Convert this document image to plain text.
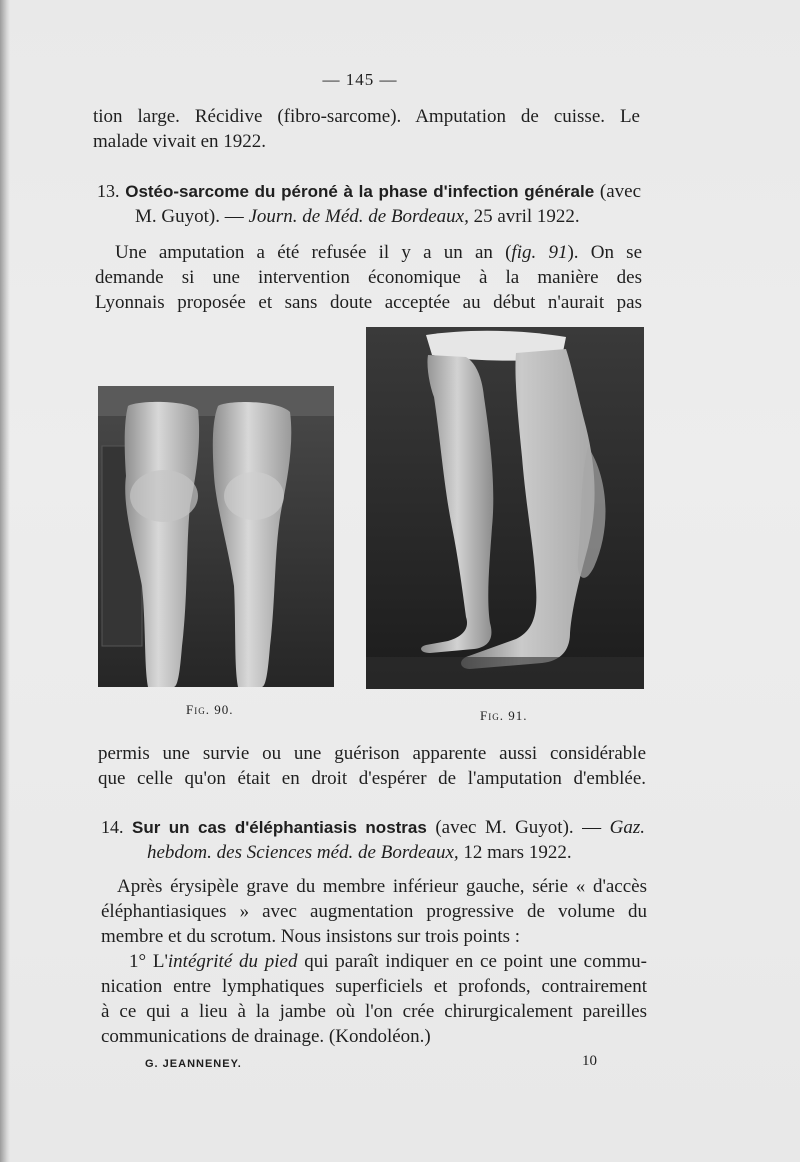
— 145 —
tion large. Récidive (fibro-sarcome). Amputation de cuisse. Le
malade vivait en 1922.
13. Ostéo-sarcome du péroné à la phase d'infection générale (avec
M. Guyot). — Journ. de Méd. de Bordeaux, 25 avril 1922.
Une amputation a été refusée il y a un an (fig. 91). On se
demande si une intervention économique à la manière des
Lyonnais proposée et sans doute acceptée au début n'aurait pas
Fig. 90.	Fig. 91.
permis une survie ou une guérison apparente aussi considérable
que celle qu'on était en droit d'espérer de l'amputation d'emblée.
14. Sur un cas d'éléphantiasis nostras (avec M. Guyot). — Gaz.
hebdom. des Sciences méd. de Bordeaux, 12 mars 1922.
Après érysipèle grave du membre inférieur gauche, série « d'accès
éléphantiasiques » avec augmentation progressive de volume du
membre et du scrotum. Nous insistons sur trois points :
1° L'intégrité du pied qui paraît indiquer en ce point une commu-
nication entre lymphatiques superficiels et profonds, contrairement
à ce qui a lieu à la jambe où l'on crée chirurgicalement pareilles
communications de drainage. (Kondoléon.)
G. JEANNENEY.	10
